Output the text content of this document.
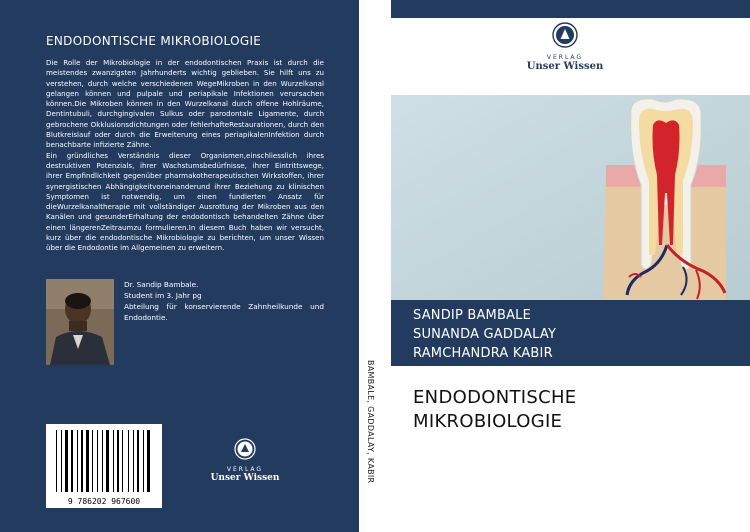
ENDODONTISCHE MIKROBIOLOGIE

Die Rolle der Mikrobiologie in der endodontischen Praxis ist durch die meistendes zwanzigsten Jahrhunderts wichtig geblieben. Sie hilft uns zu verstehen, durch welche verschiedenen WegeMikroben in den Wurzelkanal gelangen können und pulpale und periapikale Infektionen verursachen können.Die Mikroben können in den Wurzelkanal durch offene Hohlräume, Dentintubuli, durchgingivalen Sulkus oder parodontale Ligamente, durch gebrochene Okklusionsdichtungen oder fehlerhafteRestaurationen, durch den Blutkreislauf oder durch die Erweiterung eines periapikalenInfektion durch benachbarte infizierte Zähne.

Ein gründliches Verständnis dieser Organismen,einschliesslich ihres destruktiven Potenzials, ihrer Wachstumsbedürfnisse, ihrer Eintrittswege, ihrer Empfindlichkeit gegenüber pharmakotherapeutischen Wirkstoffen, ihrer synergistischen Abhängigkeitvoneinanderund ihrer Beziehung zu klinischen Symptomen ist notwendig, um einen fundierten Ansatz für dieWurzelkanaltherapie mit vollständiger Ausrottung der Mikroben aus den Kanälen und gesunderErhaltung der endodontisch behandelten Zähne über einen längerenZeitraumzu formulieren.In diesem Buch haben wir versucht, kurz über die endodontische Mikrobiologie zu berichten, um unser Wissen über die Endodontie im Allgemeinen zu erweitern.

Dr. Sandip Bambale.
Student im 3. Jahr pg
Abteilung für konservierende Zahnheilkunde und Endodontie.
9 786202 967600
VERLAG
Unser Wissen	BAMBALE, GADDALAY, KABIR
VERLAG
Unser Wissen
SANDIP BAMBALE
SUNANDA GADDALAY
RAMCHANDRA KABIR
ENDODONTISCHE
MIKROBIOLOGIE
